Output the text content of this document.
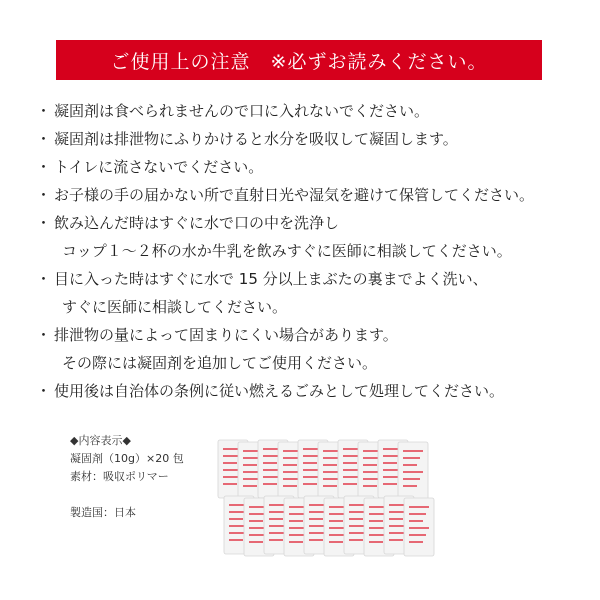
ご使用上の注意　※必ずお読みください。
・ 凝固剤は食べられませんので口に入れないでください。
・ 凝固剤は排泄物にふりかけると水分を吸収して凝固します。
・ トイレに流さないでください。
・ お子様の手の届かない所で直射日光や湿気を避けて保管してください。
・ 飲み込んだ時はすぐに水で口の中を洗浄し
コップ１～２杯の水か牛乳を飲みすぐに医師に相談してください。
・ 目に入った時はすぐに水で 15 分以上まぶたの裏までよく洗い、
すぐに医師に相談してください。
・ 排泄物の量によって固まりにくい場合があります。
その際には凝固剤を追加してご使用ください。
・ 使用後は自治体の条例に従い燃えるごみとして処理してください。
◆内容表示◆
凝固剤（10g）×20 包
素材：吸収ポリマー
製造国：日本
